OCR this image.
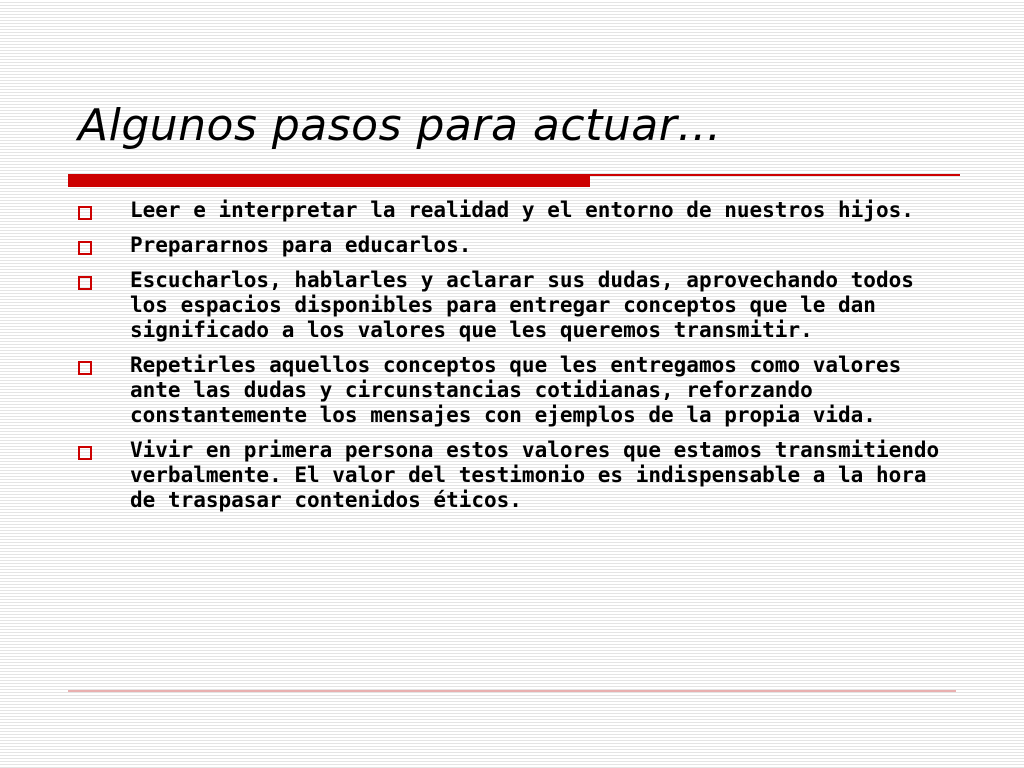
Algunos pasos para actuar…
Leer e interpretar la realidad y el entorno de nuestros hijos.
Prepararnos para educarlos.
Escucharlos, hablarles y aclarar sus dudas, aprovechando todos los espacios disponibles para entregar conceptos que le dan significado a los valores que les queremos transmitir.
Repetirles aquellos conceptos que les entregamos como valores ante las dudas y circunstancias cotidianas, reforzando constantemente los mensajes con ejemplos de la propia vida.
Vivir en primera persona estos valores que estamos transmitiendo verbalmente. El valor del testimonio es indispensable a la hora de traspasar contenidos éticos.
